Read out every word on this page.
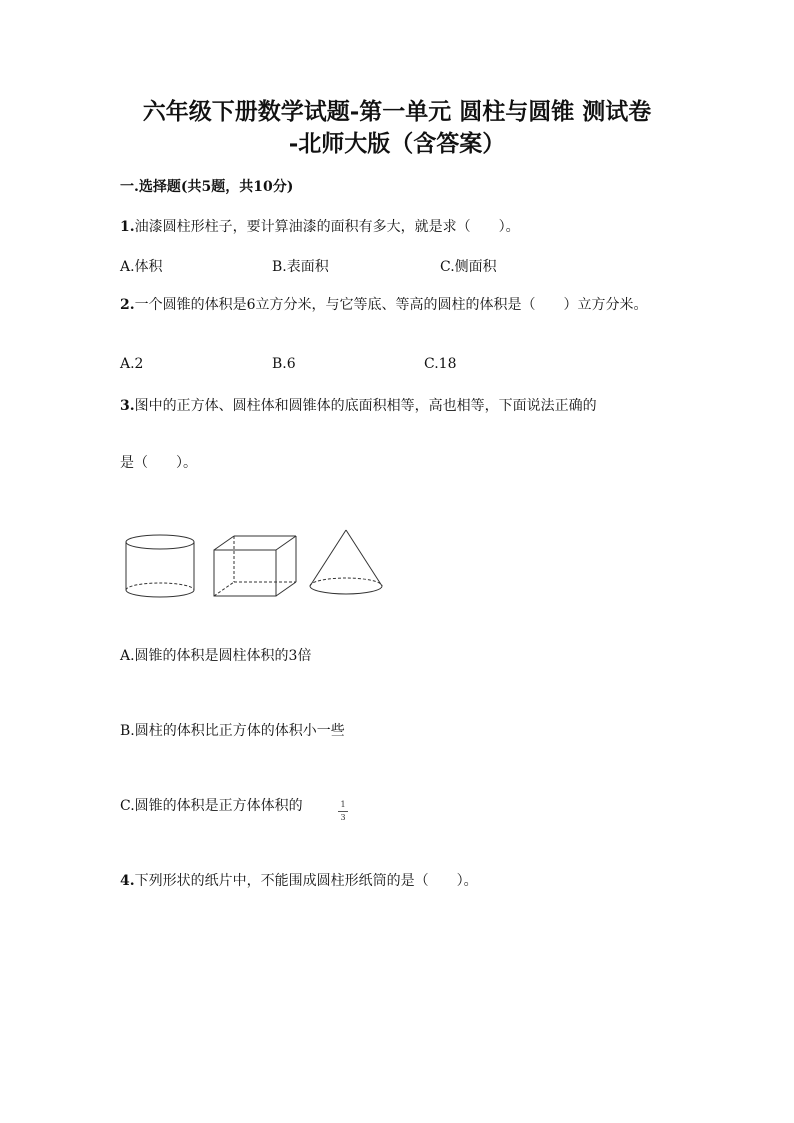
六年级下册数学试题-第一单元 圆柱与圆锥 测试卷
-北师大版（含答案）
一.选择题(共5题，共10分)
1.油漆圆柱形柱子，要计算油漆的面积有多大，就是求（　　）。
A.体积	B.表面积	C.侧面积
2.一个圆锥的体积是6立方分米，与它等底、等高的圆柱的体积是（　　）立方分米。
A.2	B.6	C.18
3.图中的正方体、圆柱体和圆锥体的底面积相等，高也相等，下面说法正确的
是（　　）。
A.圆锥的体积是圆柱体积的3倍
B.圆柱的体积比正方体的体积小一些
C.圆锥的体积是正方体体积的	1
3
4.下列形状的纸片中，不能围成圆柱形纸筒的是（　　）。
